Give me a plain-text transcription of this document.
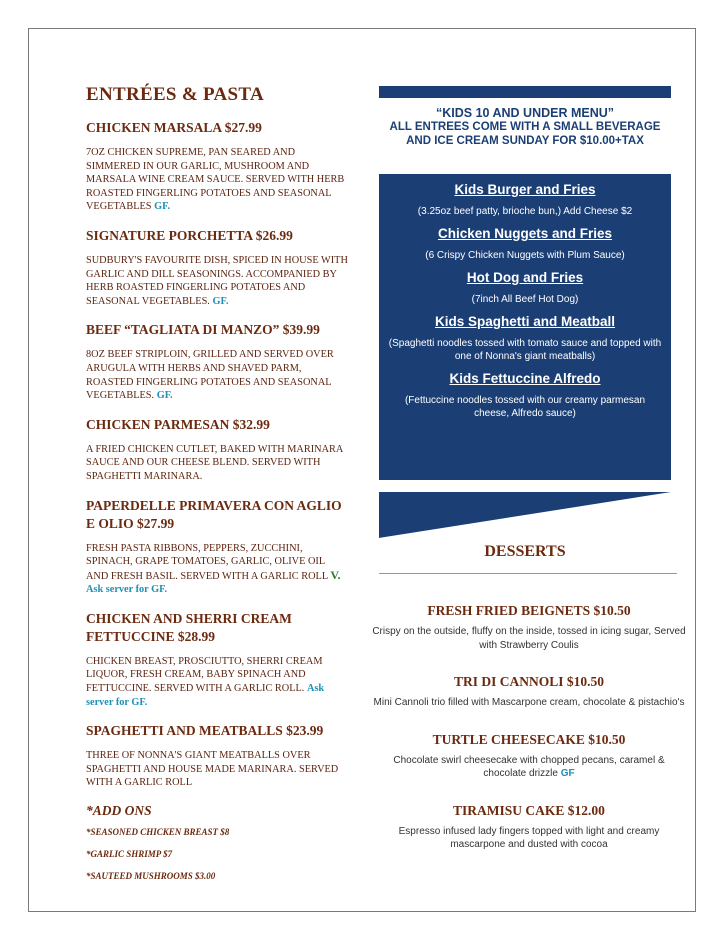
ENTRÉES & PASTA
CHICKEN MARSALA $27.99
7OZ CHICKEN SUPREME, PAN SEARED AND SIMMERED IN OUR GARLIC, MUSHROOM AND MARSALA WINE CREAM SAUCE. SERVED WITH HERB ROASTED FINGERLING POTATOES AND SEASONAL VEGETABLES GF.
SIGNATURE PORCHETTA $26.99
SUDBURY'S FAVOURITE DISH, SPICED IN HOUSE WITH GARLIC AND DILL SEASONINGS. ACCOMPANIED BY HERB ROASTED FINGERLING POTATOES AND SEASONAL VEGETABLES. GF.
BEEF “TAGLIATA DI MANZO” $39.99
8OZ BEEF STRIPLOIN, GRILLED AND SERVED OVER ARUGULA WITH HERBS AND SHAVED PARM, ROASTED FINGERLING POTATOES AND SEASONAL VEGETABLES. GF.
CHICKEN PARMESAN $32.99
A FRIED CHICKEN CUTLET, BAKED WITH MARINARA SAUCE AND OUR CHEESE BLEND. SERVED WITH SPAGHETTI MARINARA.
PAPERDELLE PRIMAVERA CON AGLIO E OLIO $27.99
FRESH PASTA RIBBONS, PEPPERS, ZUCCHINI, SPINACH, GRAPE TOMATOES, GARLIC, OLIVE OIL AND FRESH BASIL. SERVED WITH A GARLIC ROLL V. Ask server for GF.
CHICKEN AND SHERRI CREAM FETTUCCINE $28.99
CHICKEN BREAST, PROSCIUTTO, SHERRI CREAM LIQUOR, FRESH CREAM, BABY SPINACH AND FETTUCCINE. SERVED WITH A GARLIC ROLL. Ask server for GF.
SPAGHETTI AND MEATBALLS $23.99
THREE OF NONNA'S GIANT MEATBALLS OVER SPAGHETTI AND HOUSE MADE MARINARA. SERVED WITH A GARLIC ROLL
*ADD ONS
*SEASONED CHICKEN BREAST $8
*GARLIC SHRIMP $7
*SAUTEED MUSHROOMS $3.00
“KIDS 10 AND UNDER MENU”
ALL ENTREES COME WITH A SMALL BEVERAGE AND ICE CREAM SUNDAY FOR $10.00+TAX
Kids Burger and Fries
(3.25oz beef patty, brioche bun,) Add Cheese $2
Chicken Nuggets and Fries
(6 Crispy Chicken Nuggets with Plum Sauce)
Hot Dog and Fries
(7inch All Beef Hot Dog)
Kids Spaghetti and Meatball
(Spaghetti noodles tossed with tomato sauce and topped with one of Nonna's giant meatballs)
Kids Fettuccine Alfredo
(Fettuccine noodles tossed with our creamy parmesan cheese, Alfredo sauce)
DESSERTS
FRESH FRIED BEIGNETS $10.50
Crispy on the outside, fluffy on the inside, tossed in icing sugar, Served with Strawberry Coulis
TRI DI CANNOLI $10.50
Mini Cannoli trio filled with Mascarpone cream, chocolate & pistachio's
TURTLE CHEESECAKE $10.50
Chocolate swirl cheesecake with chopped pecans, caramel & chocolate drizzle GF
TIRAMISU CAKE $12.00
Espresso infused lady fingers topped with light and creamy mascarpone and dusted with cocoa
